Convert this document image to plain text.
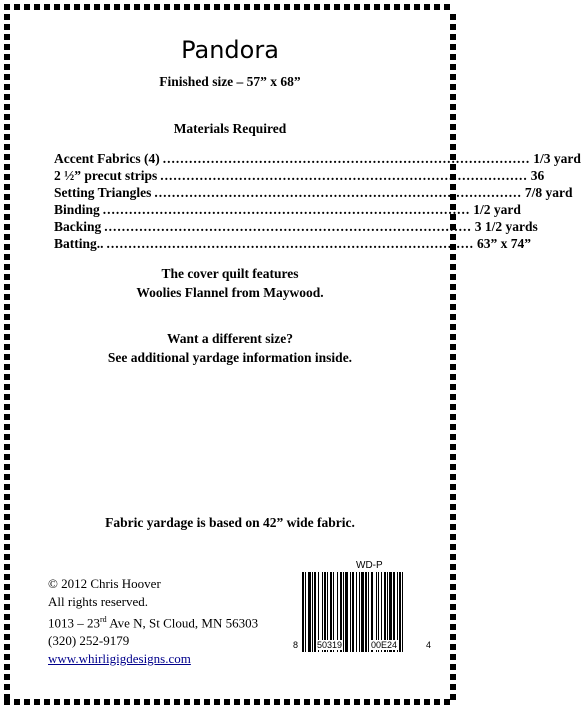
Pandora
Finished size – 57” x 68”
Materials Required
Accent Fabrics (4) .................................................................................... 1/3 yard
2 ½” precut strips .................................................................................... 36
Setting Triangles .................................................................................... 7/8 yard
Binding .................................................................................... 1/2 yard
Backing .................................................................................... 3 1/2 yards
Batting.. .................................................................................... 63” x 74”
The cover quilt features
Woolies Flannel from Maywood.
Want a different size?
See additional yardage information inside.
Fabric yardage is based on 42” wide fabric.
© 2012 Chris Hoover
All rights reserved.
1013 – 23rd Ave N, St Cloud, MN 56303
(320) 252-9179
www.whirligigdesigns.com
WD-P
8 50319	00E24	4
